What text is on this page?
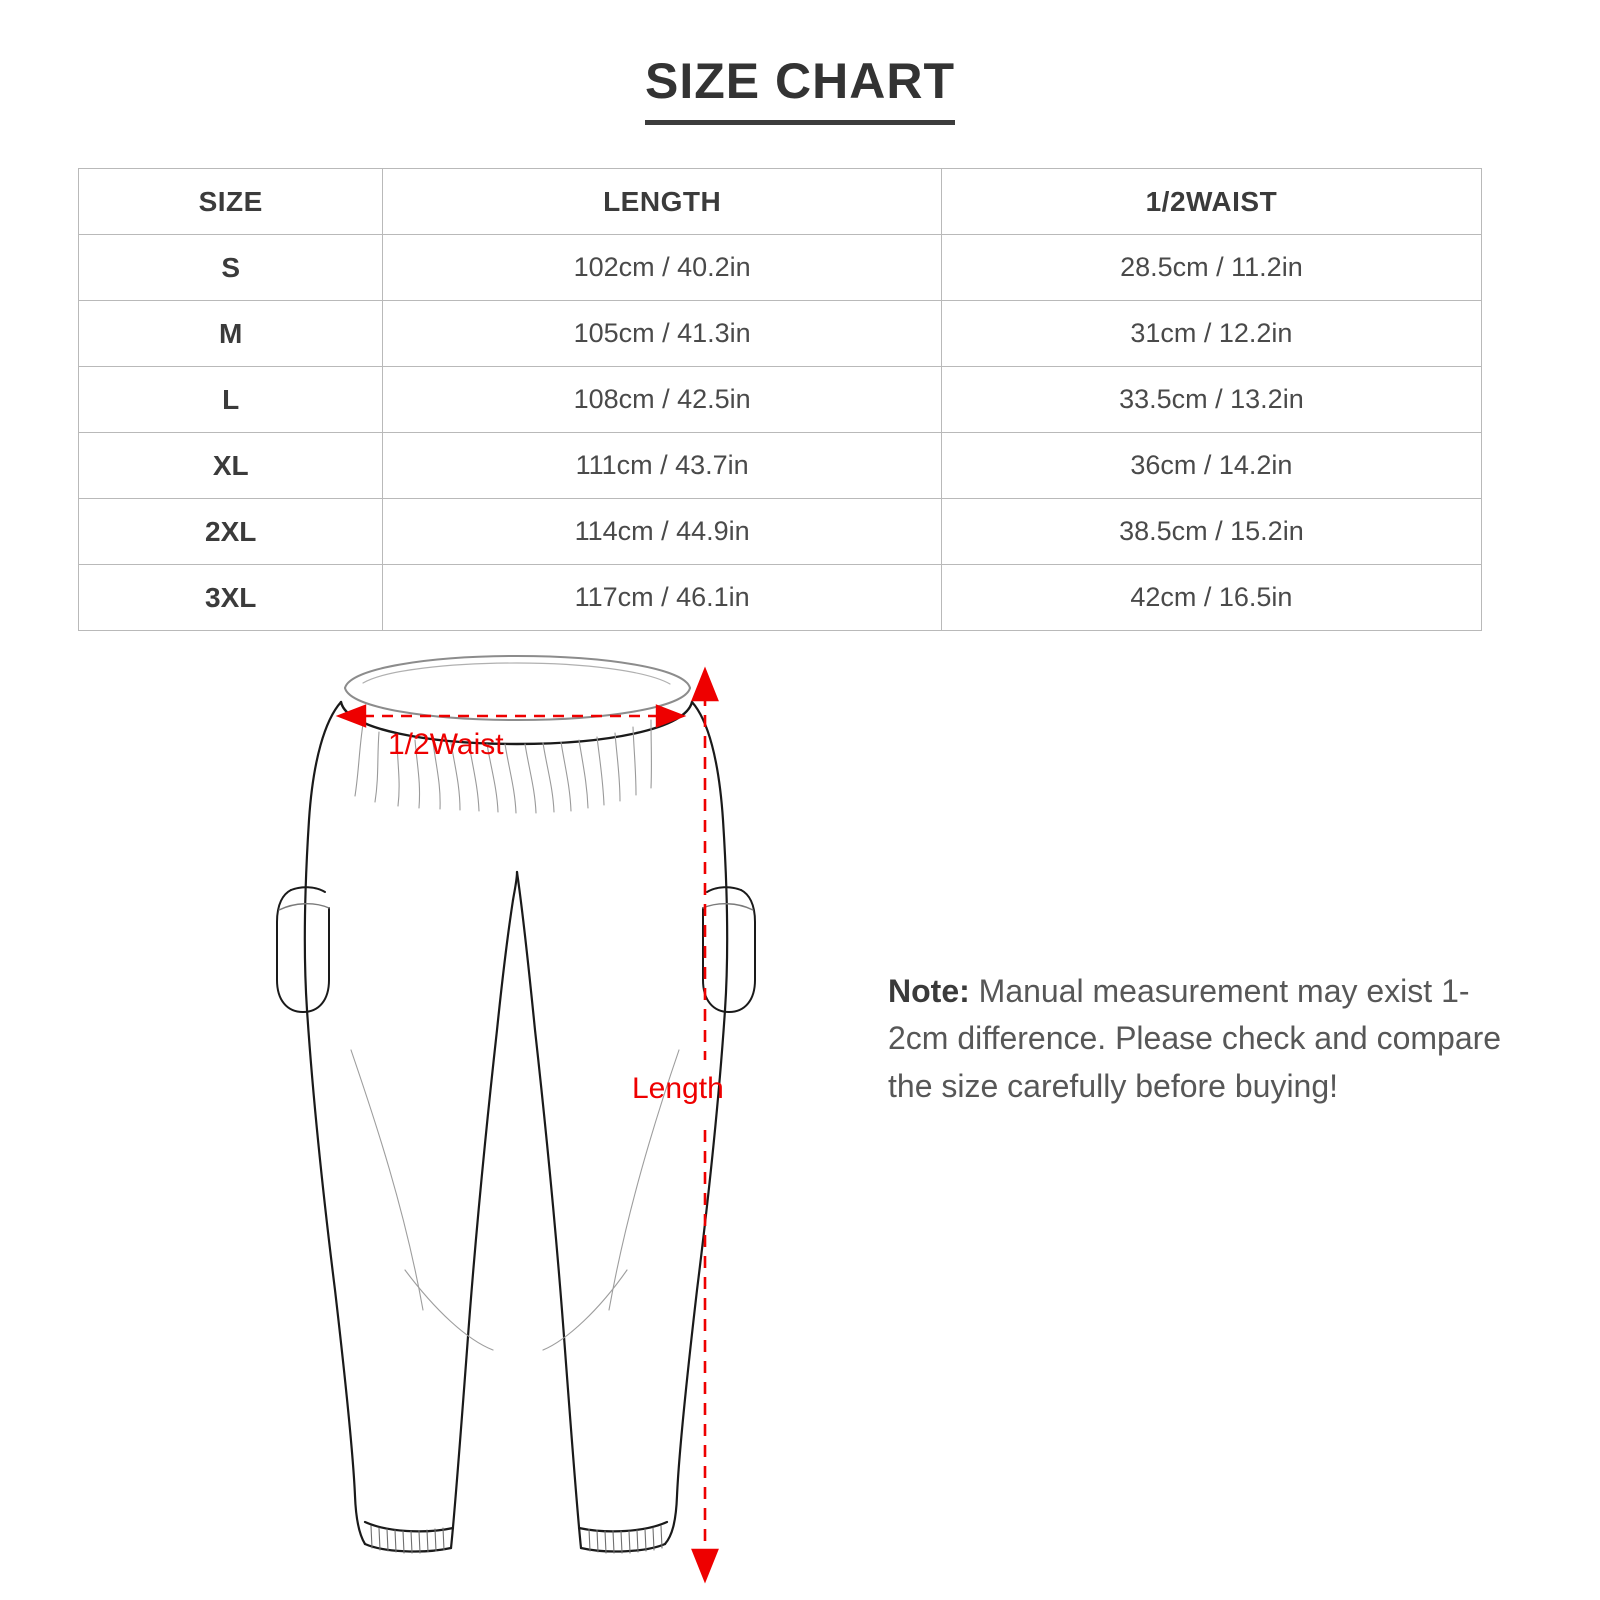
SIZE CHART
SIZE	LENGTH	1/2WAIST
S	102cm / 40.2in	28.5cm / 11.2in
M	105cm / 41.3in	31cm / 12.2in
L	108cm / 42.5in	33.5cm / 13.2in
XL	111cm / 43.7in	36cm / 14.2in
2XL	114cm / 44.9in	38.5cm / 15.2in
3XL	117cm / 46.1in	42cm / 16.5in
1/2Waist
Length
Note: Manual measurement may exist 1-2cm difference. Please check and compare the size carefully before buying!
